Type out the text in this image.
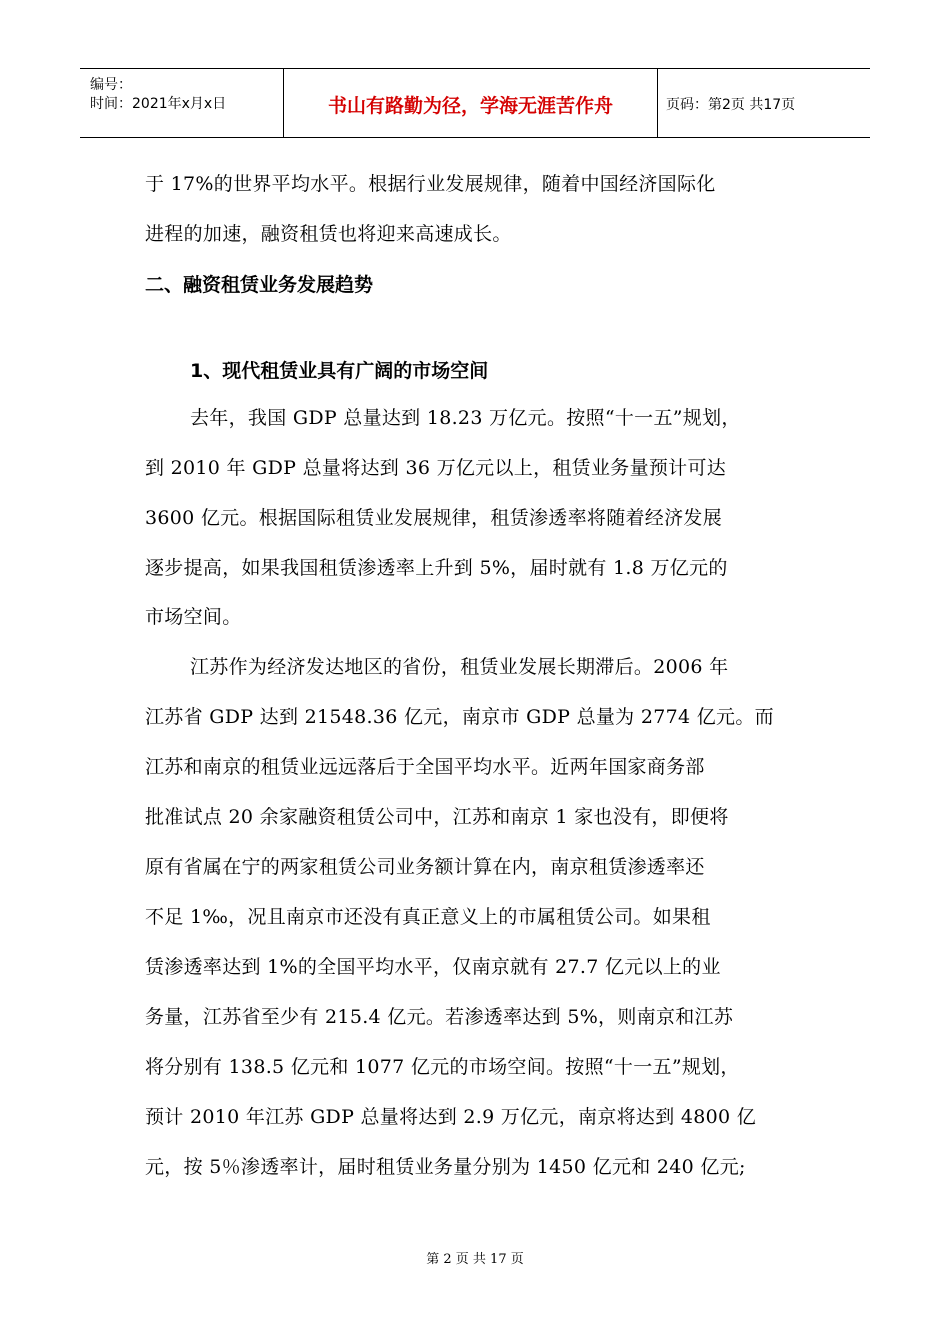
编号：
时间：2021年x月x日	书山有路勤为径，学海无涯苦作舟	页码：第2页 共17页
于 17%的世界平均水平。根据行业发展规律，随着中国经济国际化
进程的加速，融资租赁也将迎来高速成长。
二、融资租赁业务发展趋势
1、现代租赁业具有广阔的市场空间
去年，我国 GDP 总量达到 18.23 万亿元。按照“十一五”规划，
到 2010 年 GDP 总量将达到 36 万亿元以上，租赁业务量预计可达
3600 亿元。根据国际租赁业发展规律，租赁渗透率将随着经济发展
逐步提高，如果我国租赁渗透率上升到 5%，届时就有 1.8 万亿元的
市场空间。
江苏作为经济发达地区的省份，租赁业发展长期滞后。2006 年
江苏省 GDP 达到 21548.36 亿元，南京市 GDP 总量为 2774 亿元。而
江苏和南京的租赁业远远落后于全国平均水平。近两年国家商务部
批准试点 20 余家融资租赁公司中，江苏和南京 1 家也没有，即便将
原有省属在宁的两家租赁公司业务额计算在内，南京租赁渗透率还
不足 1‰，况且南京市还没有真正意义上的市属租赁公司。如果租
赁渗透率达到 1%的全国平均水平，仅南京就有 27.7 亿元以上的业
务量，江苏省至少有 215.4 亿元。若渗透率达到 5%，则南京和江苏
将分别有 138.5 亿元和 1077 亿元的市场空间。按照“十一五”规划，
预计 2010 年江苏 GDP 总量将达到 2.9 万亿元，南京将达到 4800 亿
元，按 5％渗透率计，届时租赁业务量分别为 1450 亿元和 240 亿元;
第 2 页 共 17 页
